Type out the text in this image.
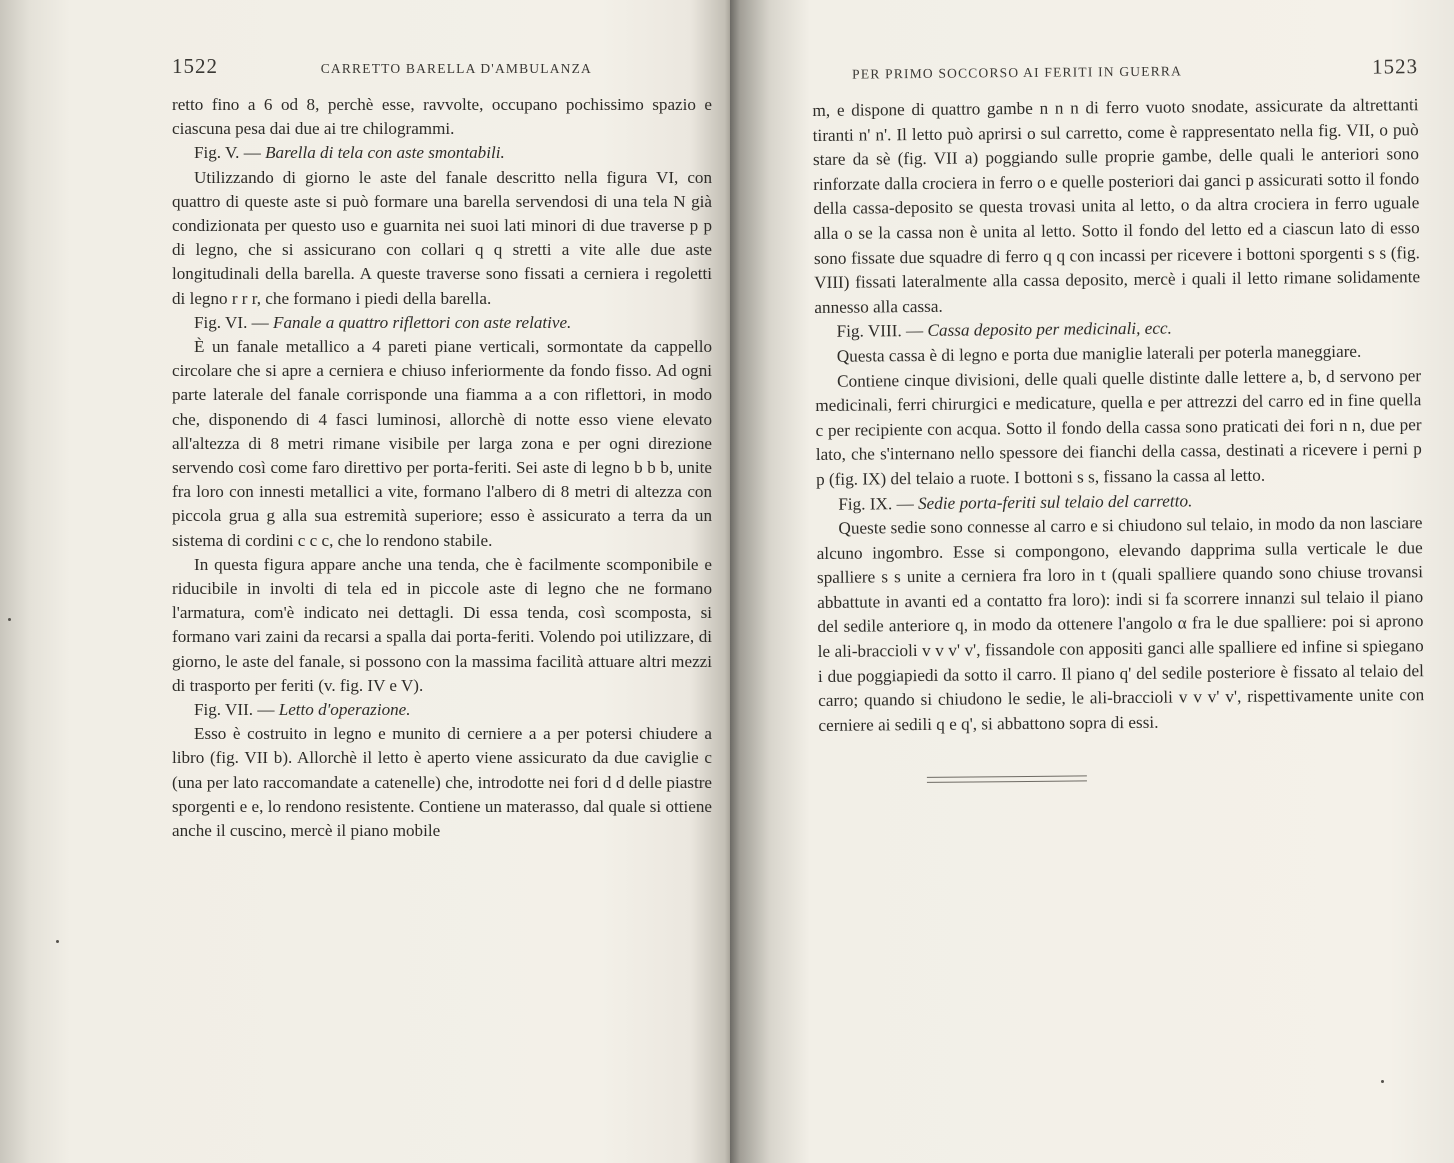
1522	CARRETTO BARELLA D'AMBULANZA

retto fino a 6 od 8, perchè esse, ravvolte, occupano pochissimo spazio e ciascuna pesa dai due ai tre chilogrammi.

Fig. V. — Barella di tela con aste smontabili.

Utilizzando di giorno le aste del fanale descritto nella figura VI, con quattro di queste aste si può formare una barella servendosi di una tela N già condizionata per questo uso e guarnita nei suoi lati minori di due traverse p p di legno, che si assicurano con collari q q stretti a vite alle due aste longitudinali della barella. A queste traverse sono fissati a cerniera i regoletti di legno r r r, che formano i piedi della barella.

Fig. VI. — Fanale a quattro riflettori con aste relative.

È un fanale metallico a 4 pareti piane verticali, sormontate da cappello circolare che si apre a cerniera e chiuso inferiormente da fondo fisso. Ad ogni parte laterale del fanale corrisponde una fiamma a a con riflettori, in modo che, disponendo di 4 fasci luminosi, allorchè di notte esso viene elevato all'altezza di 8 metri rimane visibile per larga zona e per ogni direzione servendo così come faro direttivo per porta-feriti. Sei aste di legno b b b, unite fra loro con innesti metallici a vite, formano l'albero di 8 metri di altezza con piccola grua g alla sua estremità superiore; esso è assicurato a terra da un sistema di cordini c c c, che lo rendono stabile.

In questa figura appare anche una tenda, che è facilmente scomponibile e riducibile in involti di tela ed in piccole aste di legno che ne formano l'armatura, com'è indicato nei dettagli. Di essa tenda, così scomposta, si formano vari zaini da recarsi a spalla dai porta-feriti. Volendo poi utilizzare, di giorno, le aste del fanale, si possono con la massima facilità attuare altri mezzi di trasporto per feriti (v. fig. IV e V).

Fig. VII. — Letto d'operazione.

Esso è costruito in legno e munito di cerniere a a per potersi chiudere a libro (fig. VII b). Allorchè il letto è aperto viene assicurato da due caviglie c (una per lato raccomandate a catenelle) che, introdotte nei fori d d delle piastre sporgenti e e, lo rendono resistente. Contiene un materasso, dal quale si ottiene anche il cuscino, mercè il piano mobile

PER PRIMO SOCCORSO AI FERITI IN GUERRA	1523

m, e dispone di quattro gambe n n n di ferro vuoto snodate, assicurate da altrettanti tiranti n' n'. Il letto può aprirsi o sul carretto, come è rappresentato nella fig. VII, o può stare da sè (fig. VII a) poggiando sulle proprie gambe, delle quali le anteriori sono rinforzate dalla crociera in ferro o e quelle posteriori dai ganci p assicurati sotto il fondo della cassa-deposito se questa trovasi unita al letto, o da altra crociera in ferro uguale alla o se la cassa non è unita al letto. Sotto il fondo del letto ed a ciascun lato di esso sono fissate due squadre di ferro q q con incassi per ricevere i bottoni sporgenti s s (fig. VIII) fissati lateralmente alla cassa deposito, mercè i quali il letto rimane solidamente annesso alla cassa.

Fig. VIII. — Cassa deposito per medicinali, ecc.

Questa cassa è di legno e porta due maniglie laterali per poterla maneggiare.

Contiene cinque divisioni, delle quali quelle distinte dalle lettere a, b, d servono per medicinali, ferri chirurgici e medicature, quella e per attrezzi del carro ed in fine quella c per recipiente con acqua. Sotto il fondo della cassa sono praticati dei fori n n, due per lato, che s'internano nello spessore dei fianchi della cassa, destinati a ricevere i perni p p (fig. IX) del telaio a ruote. I bottoni s s, fissano la cassa al letto.

Fig. IX. — Sedie porta-feriti sul telaio del carretto.

Queste sedie sono connesse al carro e si chiudono sul telaio, in modo da non lasciare alcuno ingombro. Esse si compongono, elevando dapprima sulla verticale le due spalliere s s unite a cerniera fra loro in t (quali spalliere quando sono chiuse trovansi abbattute in avanti ed a contatto fra loro): indi si fa scorrere innanzi sul telaio il piano del sedile anteriore q, in modo da ottenere l'angolo α fra le due spalliere: poi si aprono le ali-braccioli v v v' v', fissandole con appositi ganci alle spalliere ed infine si spiegano i due poggiapiedi da sotto il carro. Il piano q' del sedile posteriore è fissato al telaio del carro; quando si chiudono le sedie, le ali-braccioli v v v' v', rispettivamente unite con cerniere ai sedili q e q', si abbattono sopra di essi.
